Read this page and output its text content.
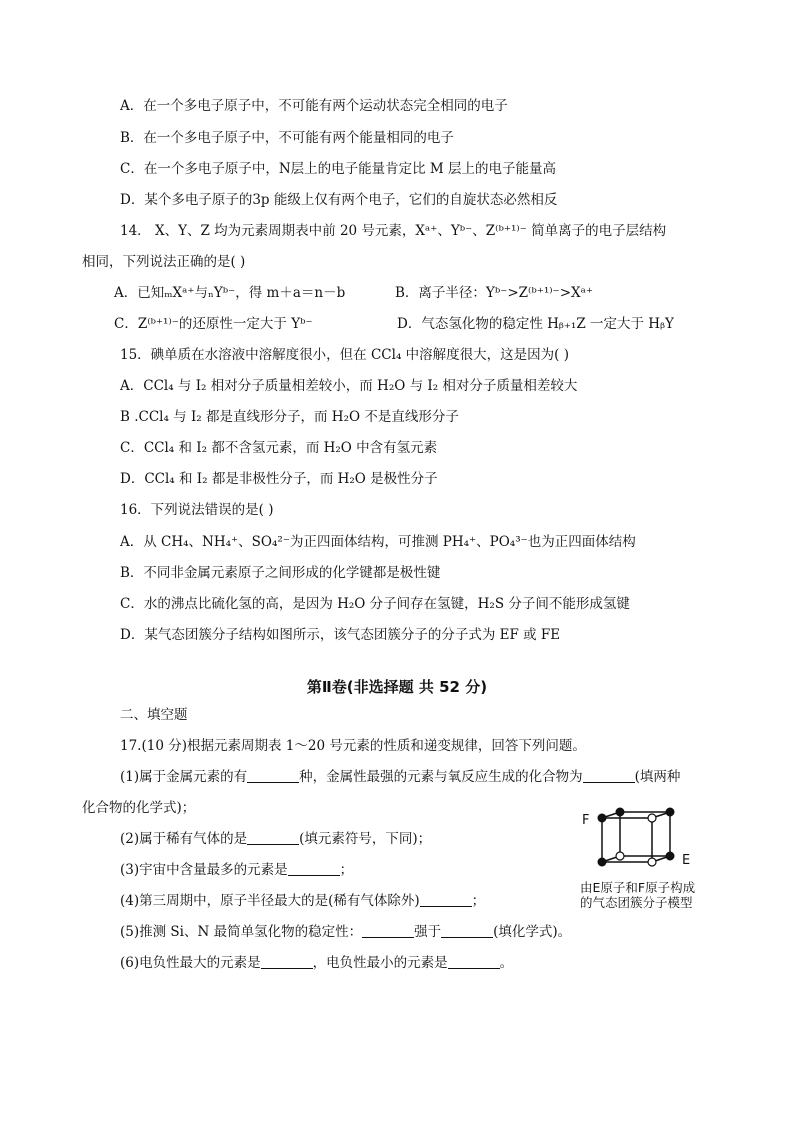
A．在一个多电子原子中，不可能有两个运动状态完全相同的电子
B．在一个多电子原子中，不可能有两个能量相同的电子
C．在一个多电子原子中，N层上的电子能量肯定比 M 层上的电子能量高
D．某个多电子原子的3p 能级上仅有两个电子，它们的自旋状态必然相反
14． X、Y、Z 均为元素周期表中前 20 号元素，Xᵃ⁺、Yᵇ⁻、Z⁽ᵇ⁺¹⁾⁻ 简单离子的电子层结构
相同，下列说法正确的是( )
A．已知ₘXᵃ⁺与ₙYᵇ⁻，得 m＋a＝n－b	B．离子半径：Yᵇ⁻>Z⁽ᵇ⁺¹⁾⁻>Xᵃ⁺
C．Z⁽ᵇ⁺¹⁾⁻的还原性一定大于 Yᵇ⁻	D．气态氢化物的稳定性 Hᵦ₊₁Z 一定大于 HᵦY
15．碘单质在水溶液中溶解度很小，但在 CCl₄ 中溶解度很大，这是因为( )
A．CCl₄ 与 I₂ 相对分子质量相差较小，而 H₂O 与 I₂ 相对分子质量相差较大
B .CCl₄ 与 I₂ 都是直线形分子，而 H₂O 不是直线形分子
C．CCl₄ 和 I₂ 都不含氢元素，而 H₂O 中含有氢元素
D．CCl₄ 和 I₂ 都是非极性分子，而 H₂O 是极性分子
16．下列说法错误的是( )
A．从 CH₄、NH₄⁺、SO₄²⁻为正四面体结构，可推测 PH₄⁺、PO₄³⁻也为正四面体结构
B．不同非金属元素原子之间形成的化学键都是极性键
C．水的沸点比硫化氢的高，是因为 H₂O 分子间存在氢键，H₂S 分子间不能形成氢键
D．某气态团簇分子结构如图所示，该气态团簇分子的分子式为 EF 或 FE
第Ⅱ卷(非选择题 共 52 分)
二、填空题
17.(10 分)根据元素周期表 1～20 号元素的性质和递变规律，回答下列问题。
(1)属于金属元素的有	种，金属性最强的元素与氧反应生成的化合物为	(填两种
化合物的化学式)；
(2)属于稀有气体的是	(填元素符号，下同)；
(3)宇宙中含量最多的元素是	；
(4)第三周期中，原子半径最大的是(稀有气体除外)	；
(5)推测 Si、N 最简单氢化物的稳定性：	强于	(填化学式)。
(6)电负性最大的元素是	，电负性最小的元素是	。
F
E
由E原子和F原子构成
的气态团簇分子模型
